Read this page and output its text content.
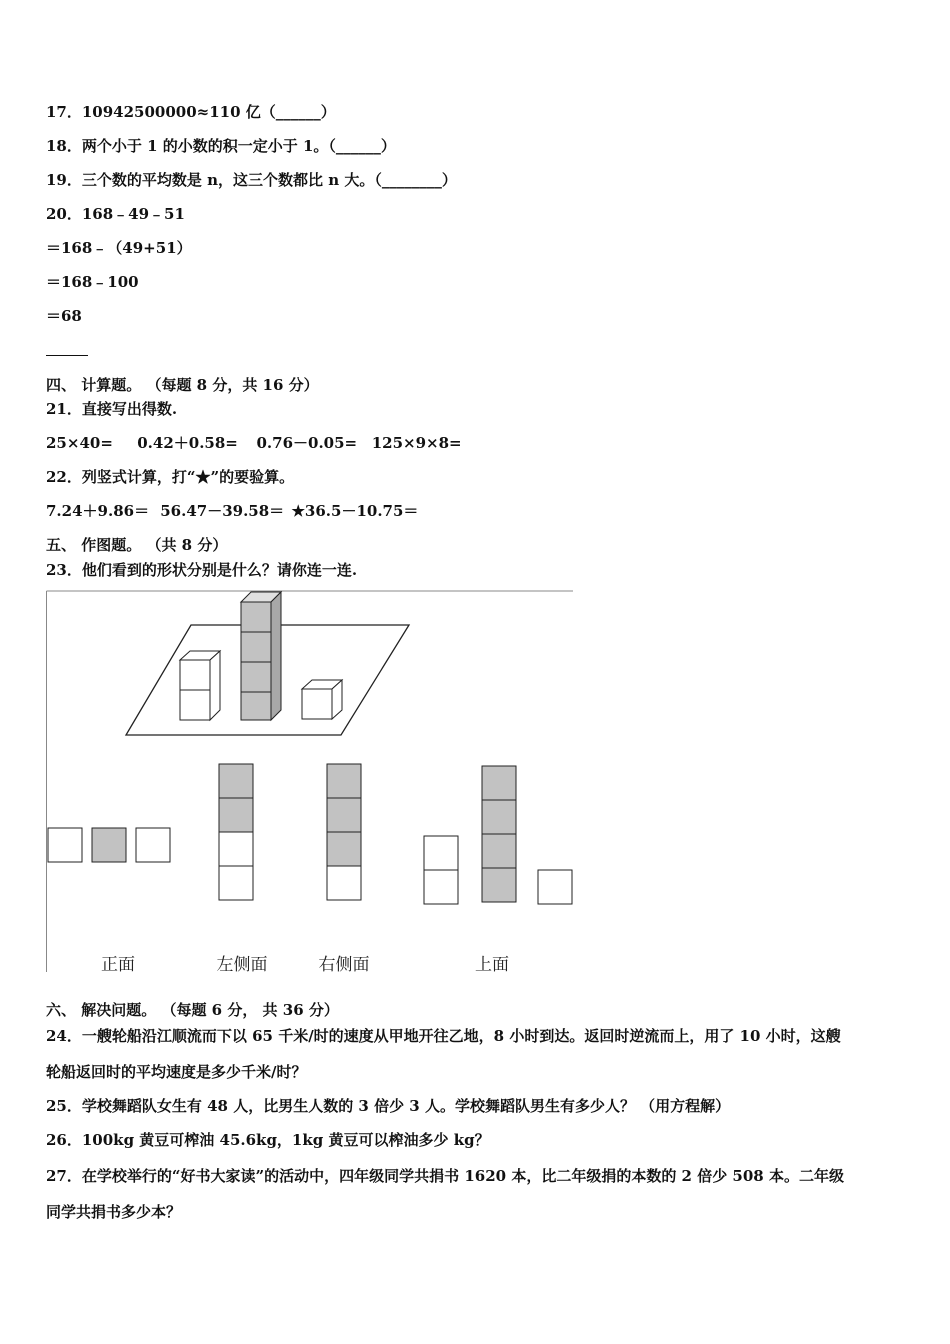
17．10942500000≈110 亿（______）
18．两个小于 1 的小数的积一定小于 1。（______）
19．三个数的平均数是 n，这三个数都比 n 大。（________）
20．168﹣49﹣51
＝168﹣（49+51）
＝168﹣100
＝68
四、 计算题。 （每题 8 分，共 16 分）
21．直接写出得数.
25×40= 0.42＋0.58= 0.76－0.05= 125×9×8=
22．列竖式计算，打“★”的要验算。
7.24＋9.86＝ 56.47－39.58＝ ★36.5－10.75＝
五、 作图题。 （共 8 分）
23．他们看到的形状分别是什么？请你连一连.
正面	左侧面	右侧面	上面
六、 解决问题。 （每题 6 分， 共 36 分）
24．一艘轮船沿江顺流而下以 65 千米/时的速度从甲地开往乙地，8 小时到达。返回时逆流而上，用了 10 小时，这艘
轮船返回时的平均速度是多少千米/时？
25．学校舞蹈队女生有 48 人，比男生人数的 3 倍少 3 人。学校舞蹈队男生有多少人？ （用方程解）
26．100kg 黄豆可榨油 45.6kg，1kg 黄豆可以榨油多少 kg？
27．在学校举行的“好书大家读”的活动中，四年级同学共捐书 1620 本，比二年级捐的本数的 2 倍少 508 本。二年级
同学共捐书多少本？
